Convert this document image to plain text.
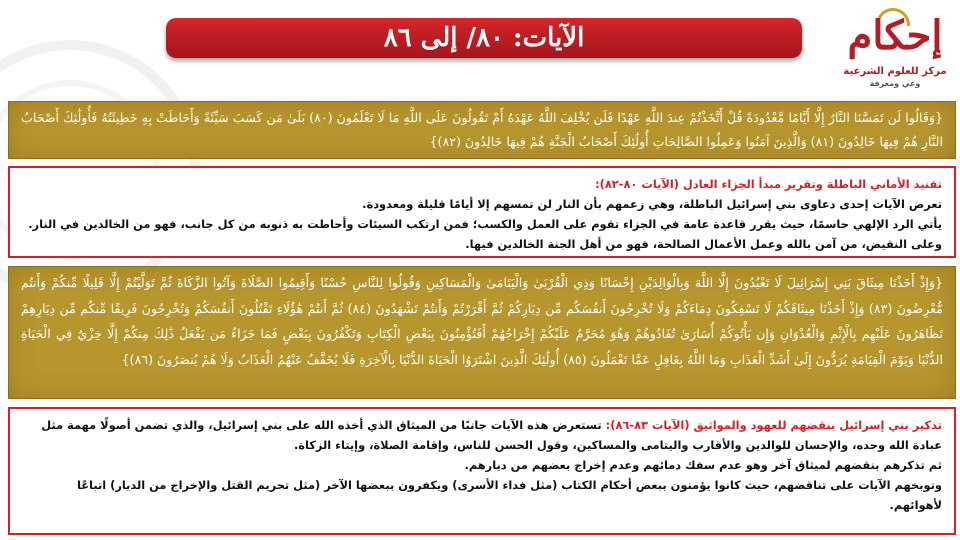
الآيات: ٨٠/ إلى ٨٦	إحكام
مركز للعلوم الشرعية
وعي ومعرفة
{وَقَالُوا لَن تَمَسَّنَا النَّارُ إِلَّا أَيَّامًا مَّعْدُودَةً قُلْ أَتَّخَذْتُمْ عِندَ اللَّهِ عَهْدًا فَلَن يُخْلِفَ اللَّهُ عَهْدَهُ أَمْ تَقُولُونَ عَلَى اللَّهِ مَا لَا تَعْلَمُونَ (٨٠) بَلَىٰ مَن كَسَبَ سَيِّئَةً وَأَحَاطَتْ بِهِ خَطِيئَتُهُ فَأُولَٰئِكَ أَصْحَابُ النَّارِ هُمْ فِيهَا خَالِدُونَ (٨١) وَالَّذِينَ آمَنُوا وَعَمِلُوا الصَّالِحَاتِ أُولَٰئِكَ أَصْحَابُ الْجَنَّةِ هُمْ فِيهَا خَالِدُونَ (٨٢)}

تفنيد الأماني الباطلة وتقرير مبدأ الجزاء العادل (الآيات ٨٠-٨٢):

تعرض الآيات إحدى دعاوى بني إسرائيل الباطلة، وهي زعمهم بأن النار لن تمسهم إلا أيامًا قليلة ومعدودة.

يأتي الرد الإلهي حاسمًا، حيث يقرر قاعدة عامة في الجزاء تقوم على العمل والكسب؛ فمن ارتكب السيئات وأحاطت به ذنوبه من كل جانب، فهو من الخالدين في النار. وعلى النقيض، من آمن بالله وعمل الأعمال الصالحة، فهو من أهل الجنة الخالدين فيها.

{وَإِذْ أَخَذْنَا مِيثَاقَ بَنِي إِسْرَائِيلَ لَا تَعْبُدُونَ إِلَّا اللَّهَ وَبِالْوَالِدَيْنِ إِحْسَانًا وَذِي الْقُرْبَىٰ وَالْيَتَامَىٰ وَالْمَسَاكِينِ وَقُولُوا لِلنَّاسِ حُسْنًا وَأَقِيمُوا الصَّلَاةَ وَآتُوا الزَّكَاةَ ثُمَّ تَوَلَّيْتُمْ إِلَّا قَلِيلًا مِّنكُمْ وَأَنتُم مُّعْرِضُونَ (٨٣) وَإِذْ أَخَذْنَا مِيثَاقَكُمْ لَا تَسْفِكُونَ دِمَاءَكُمْ وَلَا تُخْرِجُونَ أَنفُسَكُم مِّن دِيَارِكُمْ ثُمَّ أَقْرَرْتُمْ وَأَنتُمْ تَشْهَدُونَ (٨٤) ثُمَّ أَنتُمْ هَٰؤُلَاءِ تَقْتُلُونَ أَنفُسَكُمْ وَتُخْرِجُونَ فَرِيقًا مِّنكُم مِّن دِيَارِهِمْ تَظَاهَرُونَ عَلَيْهِم بِالْإِثْمِ وَالْعُدْوَانِ وَإِن يَأْتُوكُمْ أُسَارَىٰ تُفَادُوهُمْ وَهُوَ مُحَرَّمٌ عَلَيْكُمْ إِخْرَاجُهُمْ أَفَتُؤْمِنُونَ بِبَعْضِ الْكِتَابِ وَتَكْفُرُونَ بِبَعْضٍ فَمَا جَزَاءُ مَن يَفْعَلُ ذَٰلِكَ مِنكُمْ إِلَّا خِزْيٌ فِي الْحَيَاةِ الدُّنْيَا وَيَوْمَ الْقِيَامَةِ يُرَدُّونَ إِلَىٰ أَشَدِّ الْعَذَابِ وَمَا اللَّهُ بِغَافِلٍ عَمَّا تَعْمَلُونَ (٨٥) أُولَٰئِكَ الَّذِينَ اشْتَرَوُا الْحَيَاةَ الدُّنْيَا بِالْآخِرَةِ فَلَا يُخَفَّفُ عَنْهُمُ الْعَذَابُ وَلَا هُمْ يُنصَرُونَ (٨٦)}

تذكير بني إسرائيل بنقضهم للعهود والمواثيق (الآيات ٨٣-٨٦): تستعرض هذه الآيات جانبًا من الميثاق الذي أخذه الله على بني إسرائيل، والذي تضمن أصولًا مهمة مثل عبادة الله وحده، والإحسان للوالدين والأقارب واليتامى والمساكين، وقول الحسن للناس، وإقامة الصلاة، وإيتاء الزكاة.

ثم تذكرهم بنقضهم لميثاق آخر وهو عدم سفك دمائهم وعدم إخراج بعضهم من ديارهم.

وتوبخهم الآيات على تناقضهم، حيث كانوا يؤمنون ببعض أحكام الكتاب (مثل فداء الأسرى) ويكفرون ببعضها الآخر (مثل تحريم القتل والإخراج من الديار) اتباعًا لأهوائهم.
